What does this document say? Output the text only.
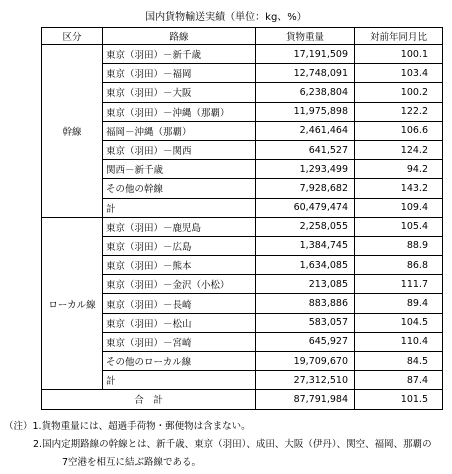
国内貨物輸送実績（単位：kg、%）
区分	路線	貨物重量	対前年同月比
幹線	東京（羽田）－新千歳	17,191,509	100.1
	東京（羽田）－福岡	12,748,091	103.4
	東京（羽田）－大阪	6,238,804	100.2
	東京（羽田）－沖縄（那覇）	11,975,898	122.2
	福岡－沖縄（那覇）	2,461,464	106.6
	東京（羽田）－関西	641,527	124.2
	関西－新千歳	1,293,499	94.2
	その他の幹線	7,928,682	143.2
	計	60,479,474	109.4
ローカル線	東京（羽田）－鹿児島	2,258,055	105.4
	東京（羽田）－広島	1,384,745	88.9
	東京（羽田）－熊本	1,634,085	86.8
	東京（羽田）－金沢（小松）	213,085	111.7
	東京（羽田）－長崎	883,886	89.4
	東京（羽田）－松山	583,057	104.5
	東京（羽田）－宮崎	645,927	110.4
	その他のローカル線	19,709,670	84.5
	計	27,312,510	87.4
合　計		87,791,984	101.5
（注）1.貨物重量には、超過手荷物・郵便物は含まない。
2.国内定期路線の幹線とは、新千歳、東京（羽田）、成田、大阪（伊丹）、関空、福岡、那覇の
7空港を相互に結ぶ路線である。
